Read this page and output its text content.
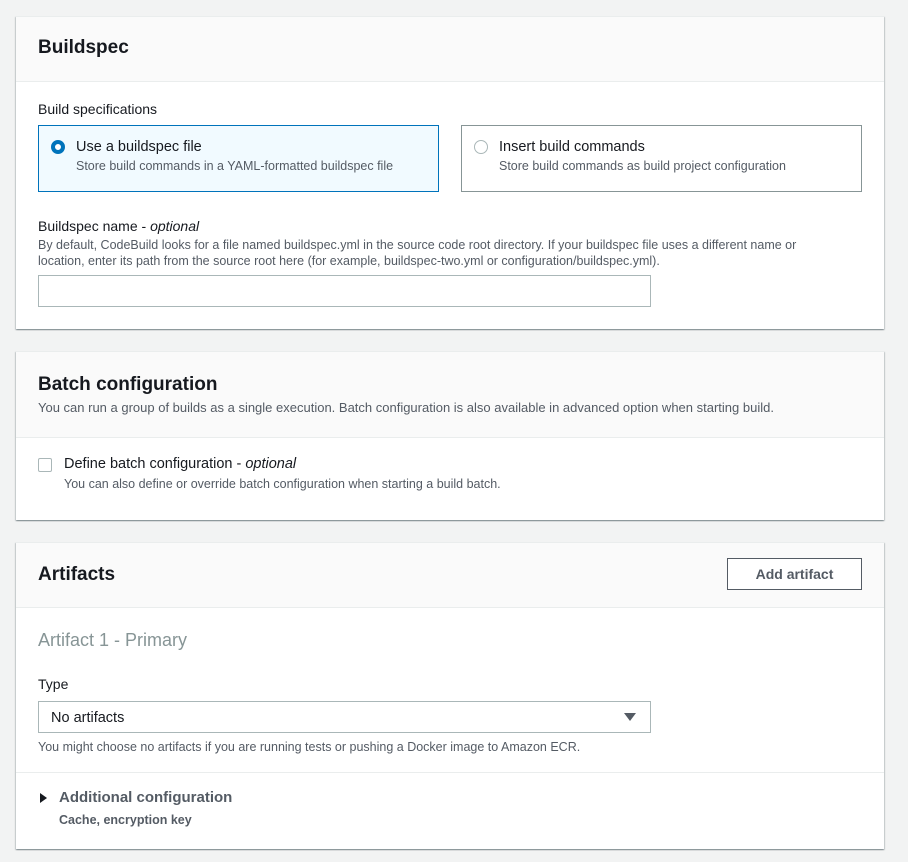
Buildspec
Build specifications
Use a buildspec file
Store build commands in a YAML-formatted buildspec file
Insert build commands
Store build commands as build project configuration
Buildspec name - optional
By default, CodeBuild looks for a file named buildspec.yml in the source code root directory. If your buildspec file uses a different name or
location, enter its path from the source root here (for example, buildspec-two.yml or configuration/buildspec.yml).
Batch configuration
You can run a group of builds as a single execution. Batch configuration is also available in advanced option when starting build.
Define batch configuration - optional
You can also define or override batch configuration when starting a build batch.
Artifacts	Add artifact
Artifact 1 - Primary
Type
No artifacts
You might choose no artifacts if you are running tests or pushing a Docker image to Amazon ECR.
Additional configuration
Cache, encryption key
